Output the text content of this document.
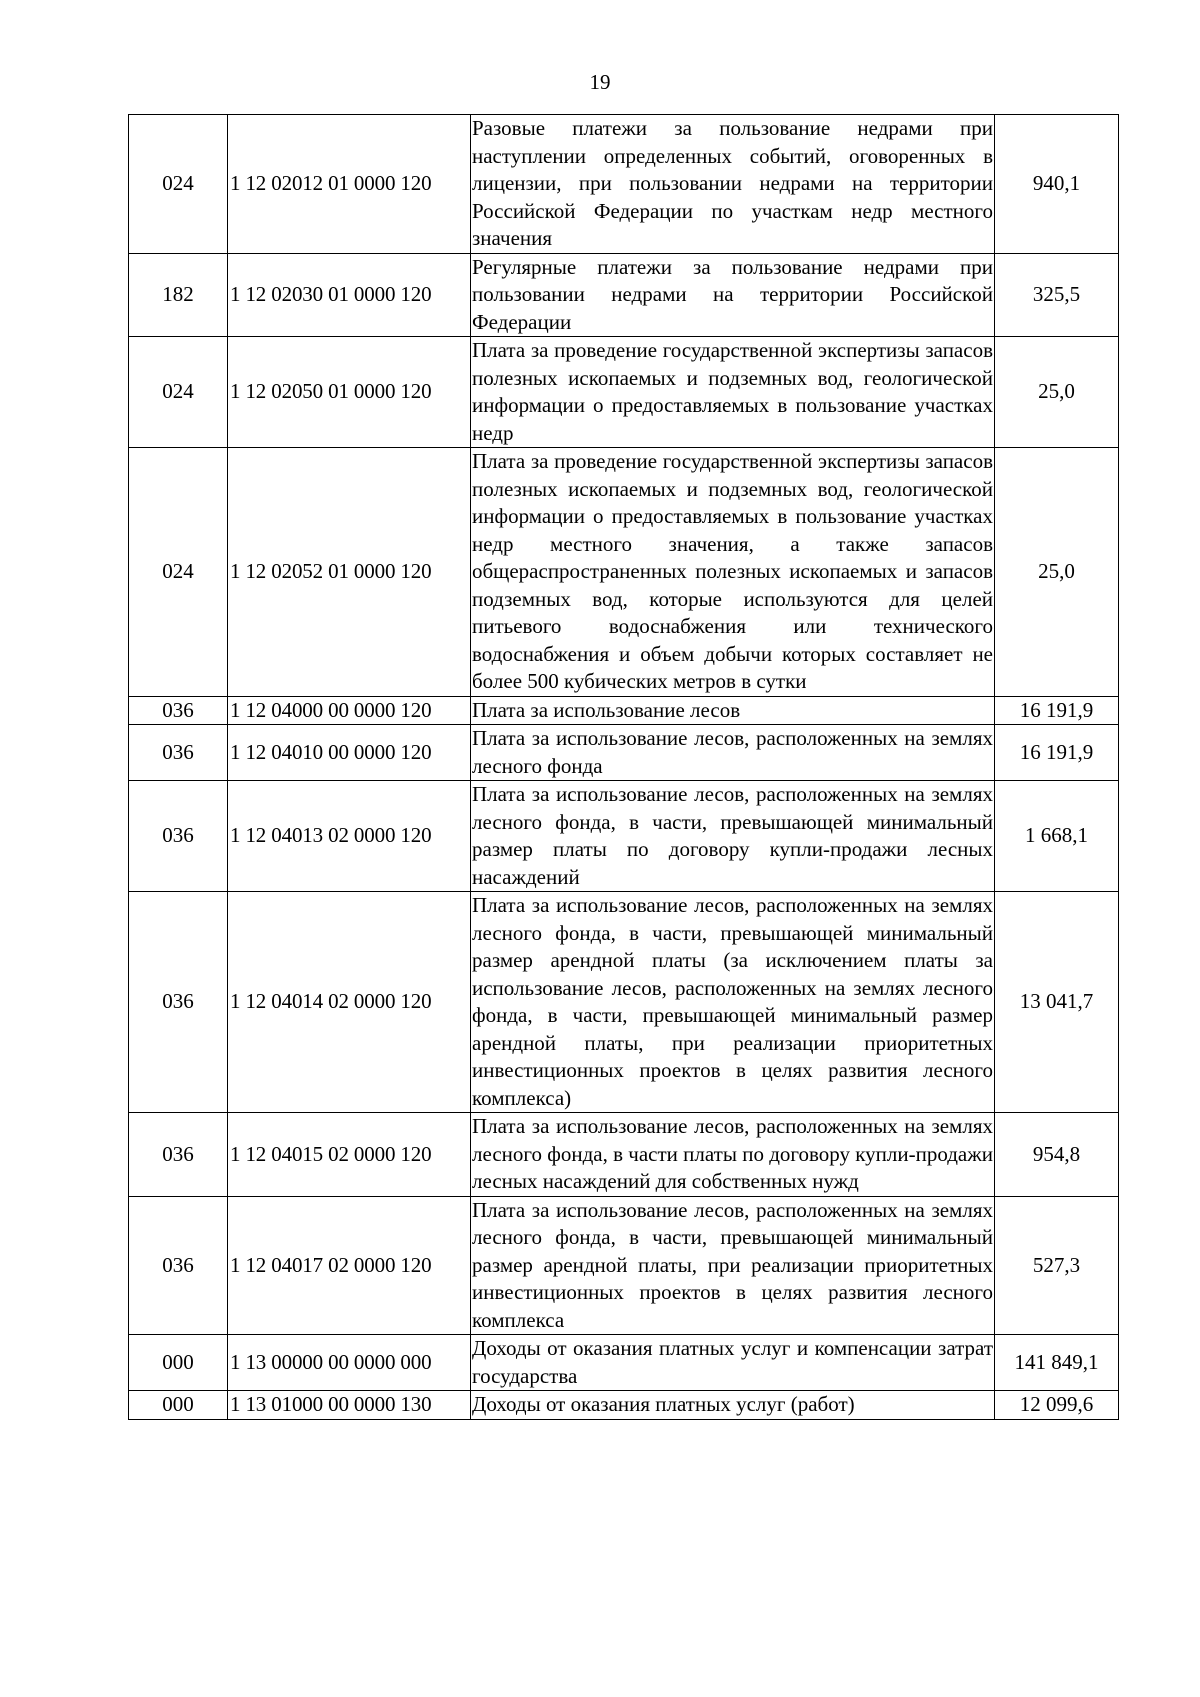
19
024	1 12 02012 01 0000 120	Разовые платежи за пользование недрами при наступлении определенных событий, оговоренных в лицензии, при пользовании недрами на территории Российской Федерации по участкам недр местного значения	940,1
182	1 12 02030 01 0000 120	Регулярные платежи за пользование недрами при пользовании недрами на территории Российской Федерации	325,5
024	1 12 02050 01 0000 120	Плата за проведение государственной экспертизы запасов полезных ископаемых и подземных вод, геологической информации о предоставляемых в пользование участках недр	25,0
024	1 12 02052 01 0000 120	Плата за проведение государственной экспертизы запасов полезных ископаемых и подземных вод, геологической информации о предоставляемых в пользование участках недр местного значения, а также запасов общераспространенных полезных ископаемых и запасов подземных вод, которые используются для целей питьевого водоснабжения или технического водоснабжения и объем добычи которых составляет не более 500 кубических метров в сутки	25,0
036	1 12 04000 00 0000 120	Плата за использование лесов	16 191,9
036	1 12 04010 00 0000 120	Плата за использование лесов, расположенных на землях лесного фонда	16 191,9
036	1 12 04013 02 0000 120	Плата за использование лесов, расположенных на землях лесного фонда, в части, превышающей минимальный размер платы по договору купли-продажи лесных насаждений	1 668,1
036	1 12 04014 02 0000 120	Плата за использование лесов, расположенных на землях лесного фонда, в части, превышающей минимальный размер арендной платы (за исключением платы за использование лесов, расположенных на землях лесного фонда, в части, превышающей минимальный размер арендной платы, при реализации приоритетных инвестиционных проектов в целях развития лесного комплекса)	13 041,7
036	1 12 04015 02 0000 120	Плата за использование лесов, расположенных на землях лесного фонда, в части платы по договору купли-продажи лесных насаждений для собственных нужд	954,8
036	1 12 04017 02 0000 120	Плата за использование лесов, расположенных на землях лесного фонда, в части, превышающей минимальный размер арендной платы, при реализации приоритетных инвестиционных проектов в целях развития лесного комплекса	527,3
000	1 13 00000 00 0000 000	Доходы от оказания платных услуг и компенсации затрат государства	141 849,1
000	1 13 01000 00 0000 130	Доходы от оказания платных услуг (работ)	12 099,6
